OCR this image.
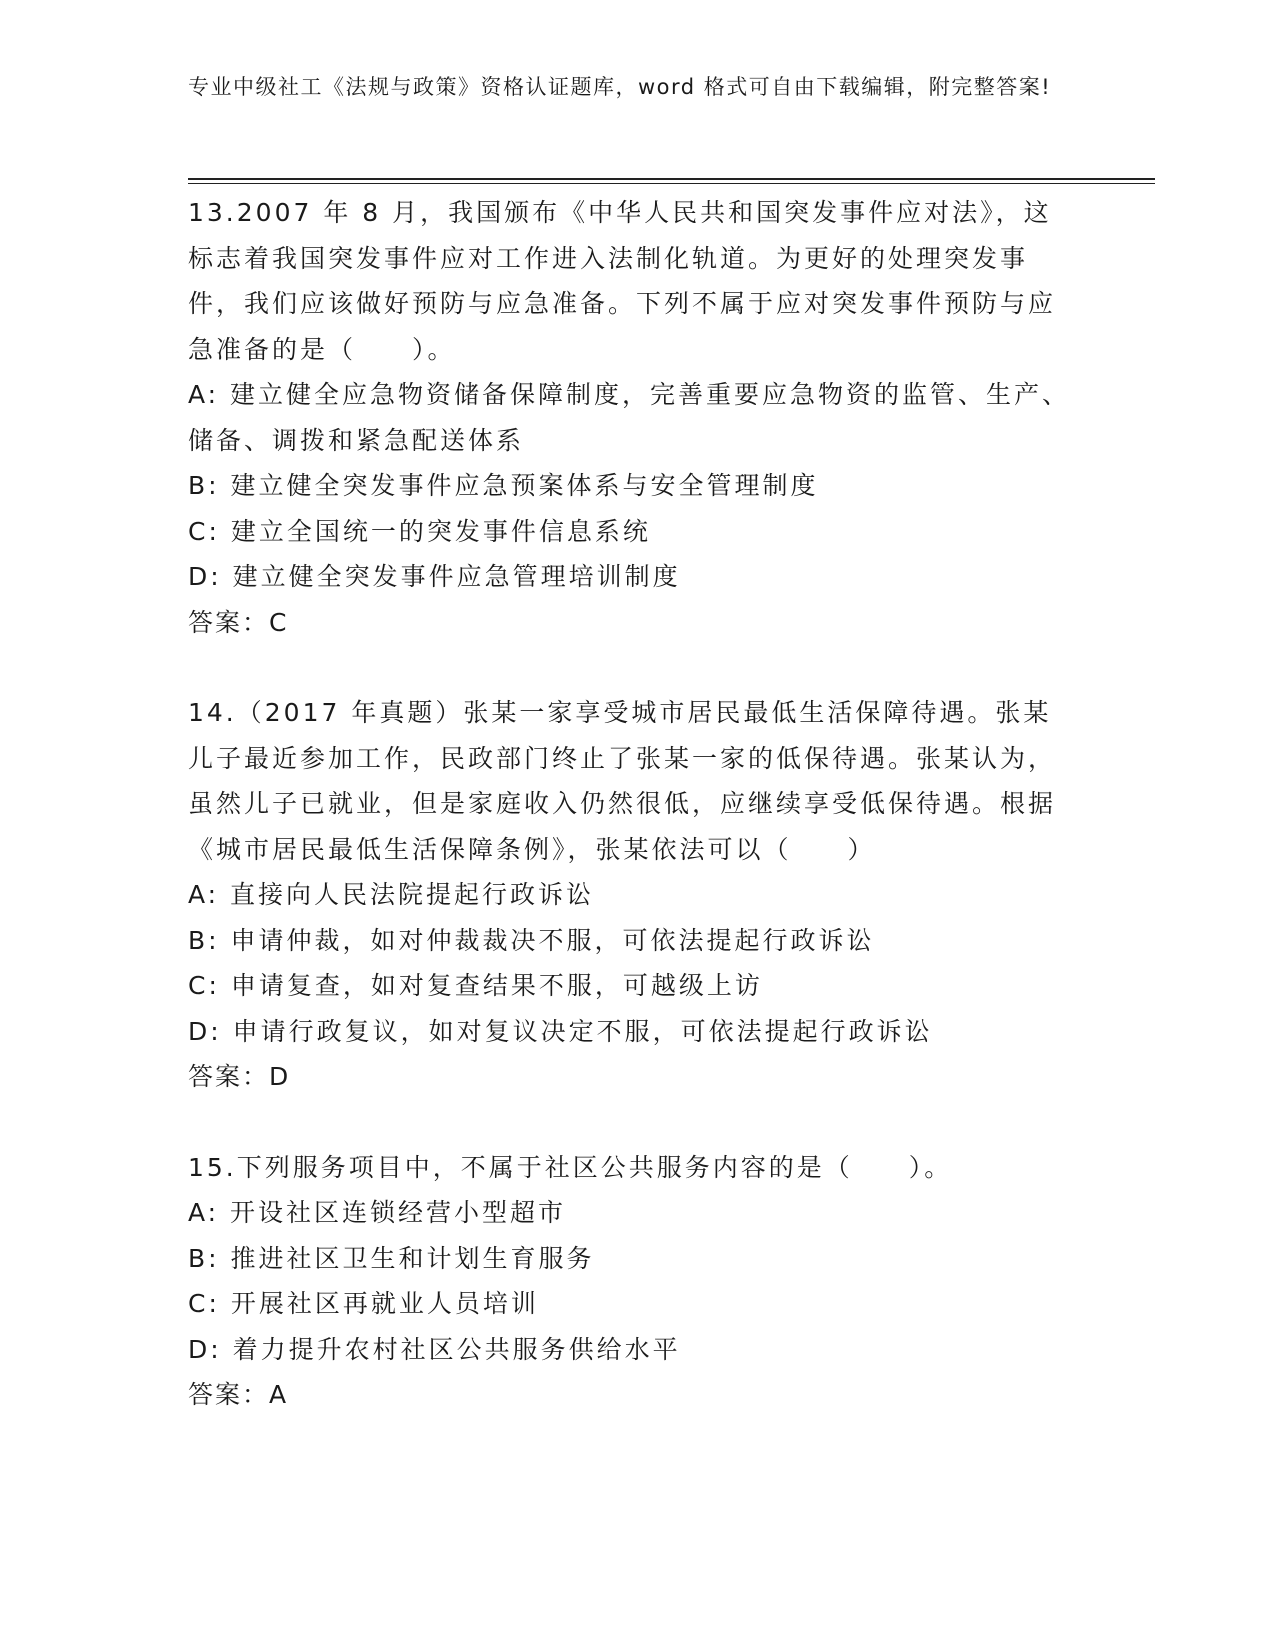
专业中级社工《法规与政策》资格认证题库，word 格式可自由下载编辑，附完整答案!
13.2007 年 8 月，我国颁布《中华人民共和国突发事件应对法》，这标志着我国突发事件应对工作进入法制化轨道。为更好的处理突发事件，我们应该做好预防与应急准备。下列不属于应对突发事件预防与应急准备的是（　　）。
A: 建立健全应急物资储备保障制度，完善重要应急物资的监管、生产、储备、调拨和紧急配送体系
B: 建立健全突发事件应急预案体系与安全管理制度
C: 建立全国统一的突发事件信息系统
D: 建立健全突发事件应急管理培训制度
答案：C
14.（2017 年真题）张某一家享受城市居民最低生活保障待遇。张某儿子最近参加工作，民政部门终止了张某一家的低保待遇。张某认为，虽然儿子已就业，但是家庭收入仍然很低，应继续享受低保待遇。根据《城市居民最低生活保障条例》，张某依法可以（　　）
A: 直接向人民法院提起行政诉讼
B: 申请仲裁，如对仲裁裁决不服，可依法提起行政诉讼
C: 申请复查，如对复查结果不服，可越级上访
D: 申请行政复议，如对复议决定不服，可依法提起行政诉讼
答案：D
15.下列服务项目中，不属于社区公共服务内容的是（　　）。
A: 开设社区连锁经营小型超市
B: 推进社区卫生和计划生育服务
C: 开展社区再就业人员培训
D: 着力提升农村社区公共服务供给水平
答案：A
